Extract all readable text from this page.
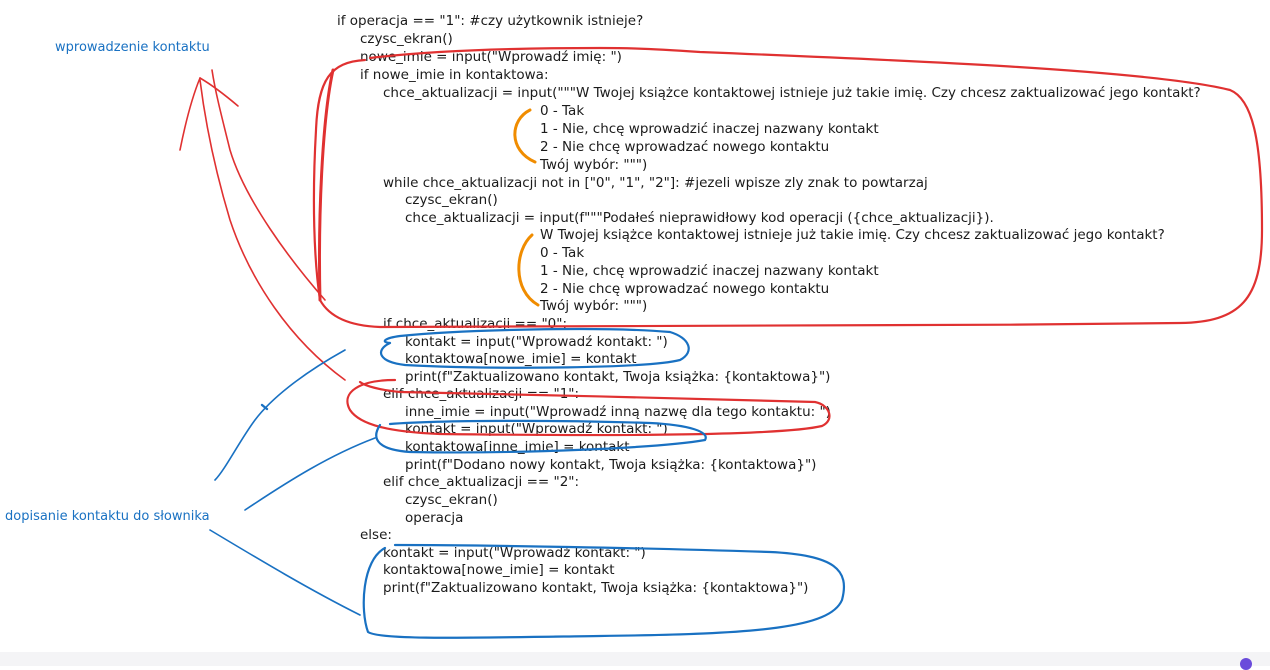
if operacja == "1": #czy użytkownik istnieje?

czysc_ekran()

nowe_imie = input("Wprowadź imię: ")

if nowe_imie in kontaktowa:

chce_aktualizacji = input("""W Twojej książce kontaktowej istnieje już takie imię. Czy chcesz zaktualizować jego kontakt?

0 - Tak

1 - Nie, chcę wprowadzić inaczej nazwany kontakt

2 - Nie chcę wprowadzać nowego kontaktu

Twój wybór: """)

while chce_aktualizacji not in ["0", "1", "2"]: #jezeli wpisze zly znak to powtarzaj

czysc_ekran()

chce_aktualizacji = input(f"""Podałeś nieprawidłowy kod operacji ({chce_aktualizacji}).

W Twojej książce kontaktowej istnieje już takie imię. Czy chcesz zaktualizować jego kontakt?

0 - Tak

1 - Nie, chcę wprowadzić inaczej nazwany kontakt

2 - Nie chcę wprowadzać nowego kontaktu

Twój wybór: """)

if chce_aktualizacji == "0":

kontakt = input("Wprowadź kontakt: ")

kontaktowa[nowe_imie] = kontakt

print(f"Zaktualizowano kontakt, Twoja książka: {kontaktowa}")

elif chce_aktualizacji == "1":

inne_imie = input("Wprowadź inną nazwę dla tego kontaktu: ")

kontakt = input("Wprowadź kontakt: ")

kontaktowa[inne_imie] = kontakt

print(f"Dodano nowy kontakt, Twoja książka: {kontaktowa}")

elif chce_aktualizacji == "2":

czysc_ekran()

operacja

else:

kontakt = input("Wprowadź kontakt: ")

kontaktowa[nowe_imie] = kontakt

print(f"Zaktualizowano kontakt, Twoja książka: {kontaktowa}")

wprowadzenie kontaktu
dopisanie kontaktu do słownika
